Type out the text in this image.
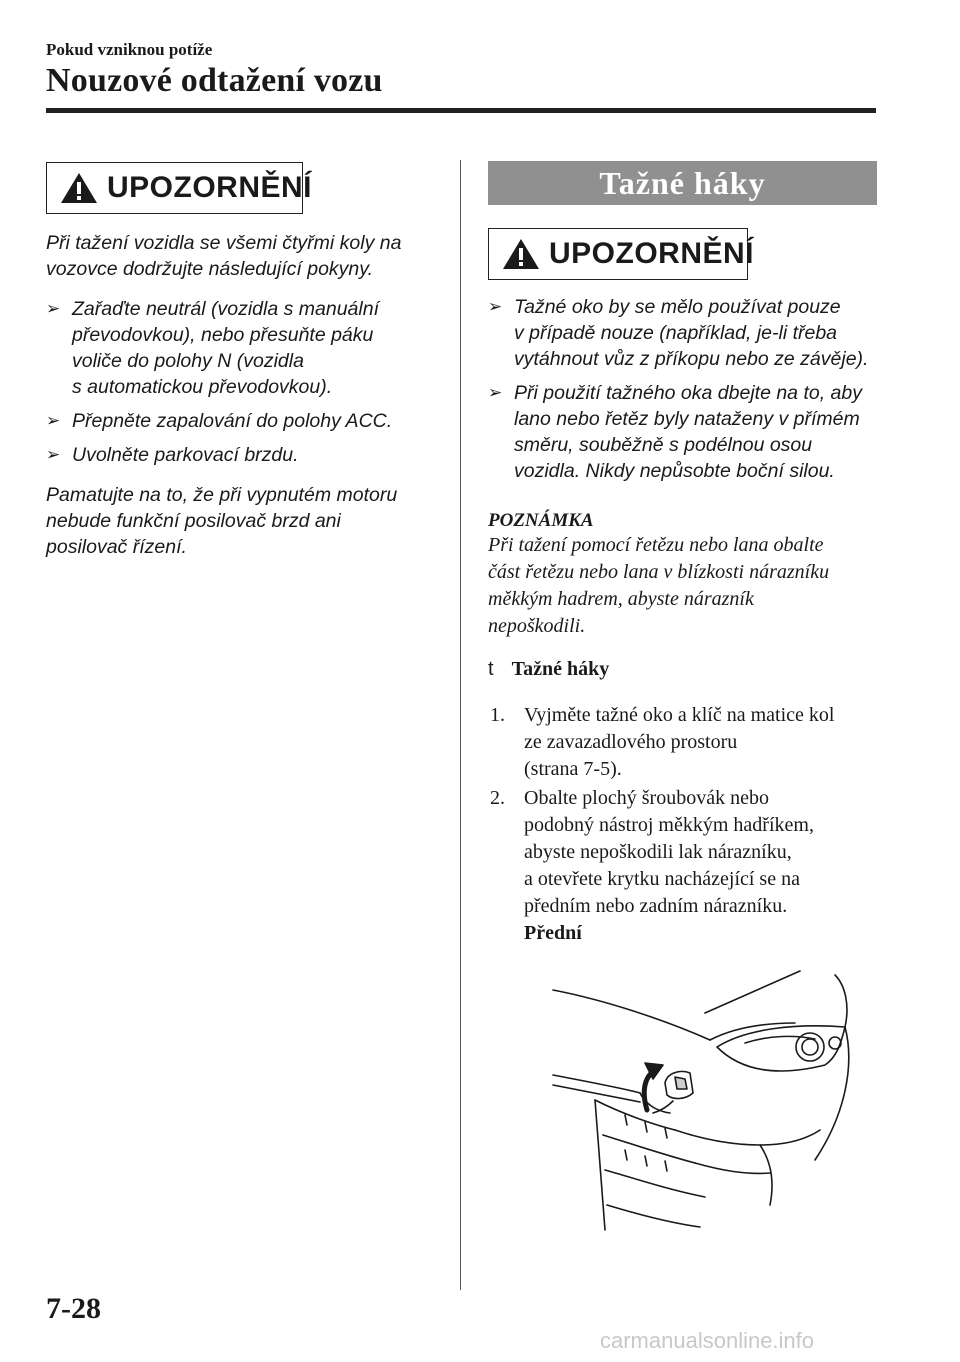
Pokud vzniknou potíže
Nouzové odtažení vozu
UPOZORNĚNÍ
Při tažení vozidla se všemi čtyřmi koly na
vozovce dodržujte následující pokyny.
➢ Zařaďte neutrál (vozidla s manuální
převodovkou), nebo přesuňte páku
voliče do polohy N (vozidla
s automatickou převodovkou).
➢ Přepněte zapalování do polohy ACC.
➢ Uvolněte parkovací brzdu.
Pamatujte na to, že při vypnutém motoru
nebude funkční posilovač brzd ani
posilovač řízení.
Tažné háky
UPOZORNĚNÍ
➢ Tažné oko by se mělo používat pouze
v případě nouze (například, je-li třeba
vytáhnout vůz z příkopu nebo ze závěje).
➢ Při použití tažného oka dbejte na to, aby
lano nebo řetěz byly nataženy v přímém
směru, souběžně s podélnou osou
vozidla. Nikdy nepůsobte boční silou.
POZNÁMKA
Při tažení pomocí řetězu nebo lana obalte
část řetězu nebo lana v blízkosti nárazníku
měkkým hadrem, abyste nárazník
nepoškodili.
t Tažné háky
1. Vyjměte tažné oko a klíč na matice kol
ze zavazadlového prostoru
(strana 7-5).
2. Obalte plochý šroubovák nebo
podobný nástroj měkkým hadříkem,
abyste nepoškodili lak nárazníku,
a otevřete krytku nacházející se na
předním nebo zadním nárazníku.
Přední
7-28
carmanualsonline.info
